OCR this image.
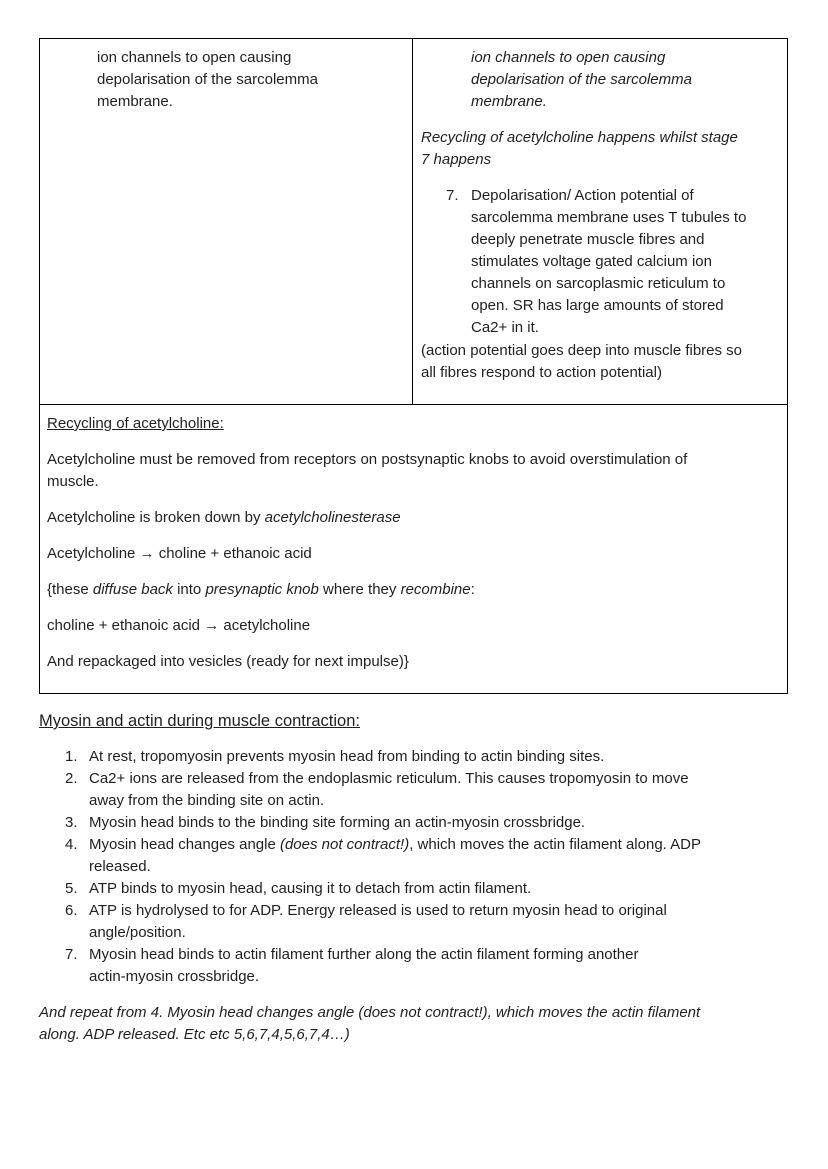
ion channels to open causing

depolarisation of the sarcolemma

membrane.

ion channels to open causing

depolarisation of the sarcolemma

membrane.

Recycling of acetylcholine happens whilst stage

7 happens

7. Depolarisation/ Action potential of

sarcolemma membrane uses T tubules to

deeply penetrate muscle fibres and

stimulates voltage gated calcium ion

channels on sarcoplasmic reticulum to

open. SR has large amounts of stored

Ca2+ in it.

(action potential goes deep into muscle fibres so

all fibres respond to action potential)

Recycling of acetylcholine:

Acetylcholine must be removed from receptors on postsynaptic knobs to avoid overstimulation of

muscle.

Acetylcholine is broken down by acetylcholinesterase

Acetylcholine → choline + ethanoic acid

{these diffuse back into presynaptic knob where they recombine:

choline + ethanoic acid → acetylcholine

And repackaged into vesicles (ready for next impulse)}

Myosin and actin during muscle contraction:

1. At rest, tropomyosin prevents myosin head from binding to actin binding sites.

2. Ca2+ ions are released from the endoplasmic reticulum. This causes tropomyosin to move

away from the binding site on actin.

3. Myosin head binds to the binding site forming an actin-myosin crossbridge.

4. Myosin head changes angle (does not contract!), which moves the actin filament along. ADP

released.

5. ATP binds to myosin head, causing it to detach from actin filament.

6. ATP is hydrolysed to for ADP. Energy released is used to return myosin head to original

angle/position.

7. Myosin head binds to actin filament further along the actin filament forming another

actin-myosin crossbridge.

And repeat from 4. Myosin head changes angle (does not contract!), which moves the actin filament

along. ADP released. Etc etc 5,6,7,4,5,6,7,4…)
